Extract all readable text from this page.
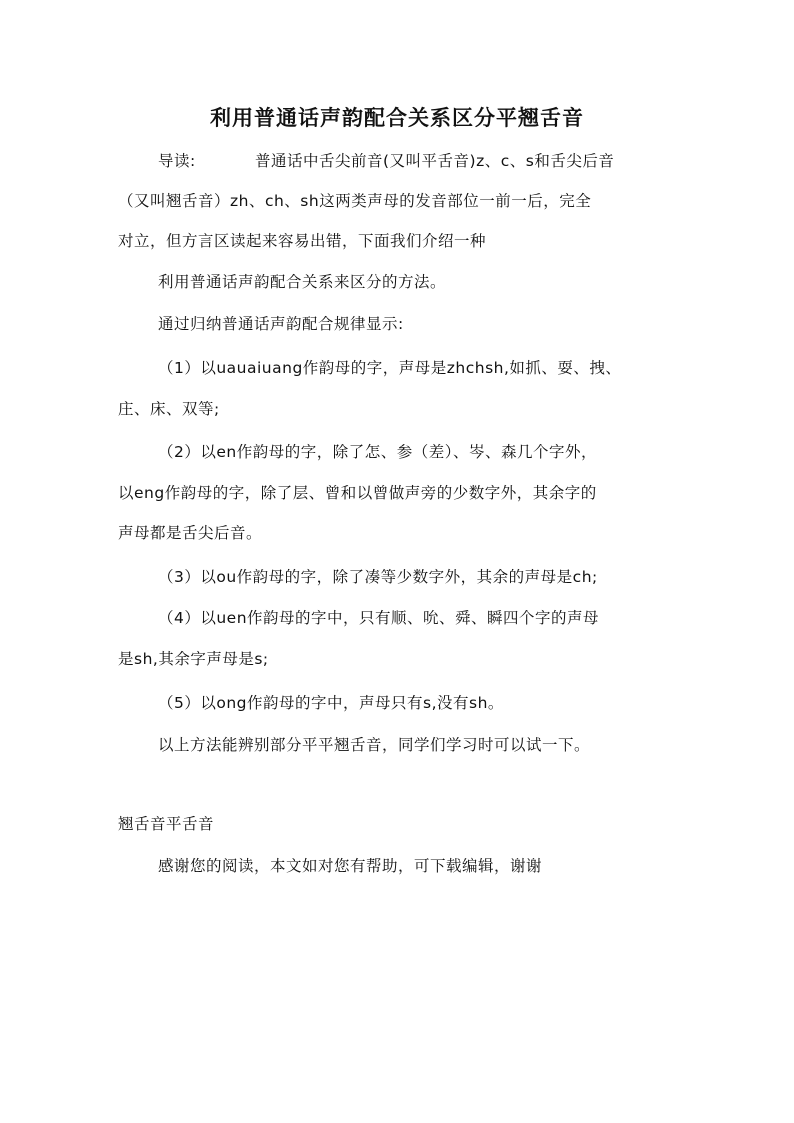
利用普通话声韵配合关系区分平翘舌音
导读:	普通话中舌尖前音(又叫平舌音)z、c、s和舌尖后音
（又叫翘舌音）zh、ch、sh这两类声母的发音部位一前一后，完全
对立，但方言区读起来容易出错，下面我们介绍一种
利用普通话声韵配合关系来区分的方法。
通过归纳普通话声韵配合规律显示:
（1）以uauaiuang作韵母的字，声母是zhchsh,如抓、耍、拽、
庄、床、双等;
（2）以en作韵母的字，除了怎、参（差）、岑、森几个字外，
以eng作韵母的字，除了层、曾和以曾做声旁的少数字外，其余字的
声母都是舌尖后音。
（3）以ou作韵母的字，除了凑等少数字外，其余的声母是ch;
（4）以uen作韵母的字中，只有顺、吮、舜、瞬四个字的声母
是sh,其余字声母是s;
（5）以ong作韵母的字中，声母只有s,没有sh。
以上方法能辨别部分平平翘舌音，同学们学习时可以试一下。
翘舌音平舌音
感谢您的阅读，本文如对您有帮助，可下载编辑，谢谢
